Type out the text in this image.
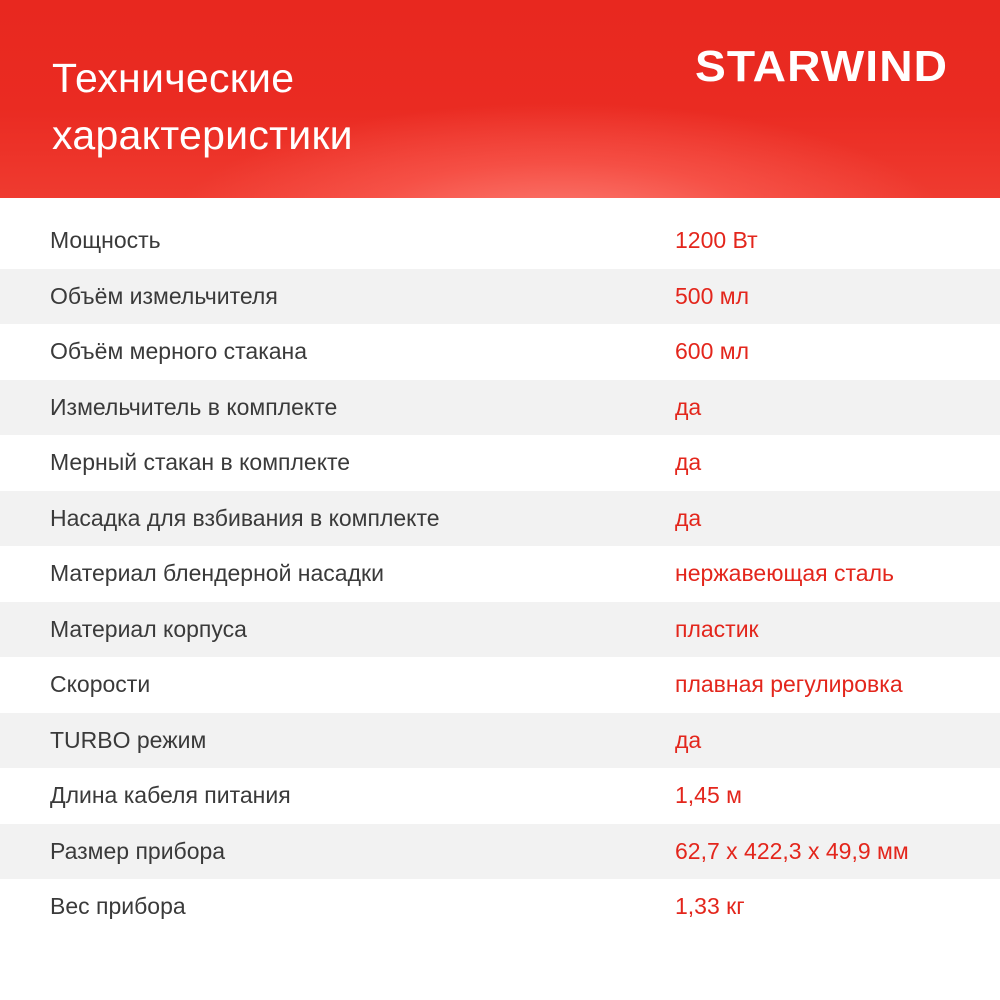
Технические
характеристики
STARWIND
Мощность	1200 Вт
Объём измельчителя	500 мл
Объём мерного стакана	600 мл
Измельчитель в комплекте	да
Мерный стакан в комплекте	да
Насадка для взбивания в комплекте	да
Материал блендерной насадки	нержавеющая сталь
Материал корпуса	пластик
Скорости	плавная регулировка
TURBO режим	да
Длина кабеля питания	1,45 м
Размер прибора	62,7 x 422,3 x 49,9 мм
Вес прибора	1,33 кг
